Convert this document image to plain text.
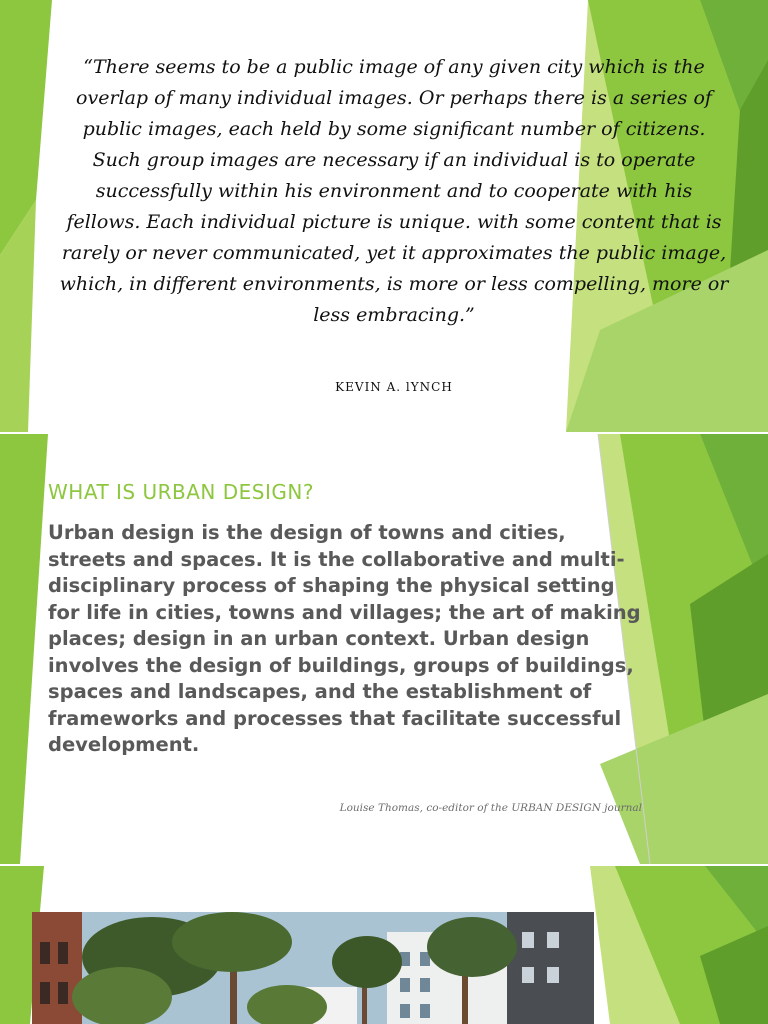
“There seems to be a public image of any given city which is the overlap of many individual images. Or perhaps there is a series of public images, each held by some significant number of citizens. Such group images are necessary if an individual is to operate successfully within his environment and to cooperate with his fellows. Each individual picture is unique. with some content that is rarely or never communicated, yet it approximates the public image, which, in different environments, is more or less compelling, more or less embracing.”

KEVIN A. lYNCH
WHAT IS URBAN DESIGN?

Urban design is the design of towns and cities, streets and spaces. It is the collaborative and multi-disciplinary process of shaping the physical setting for life in cities, towns and villages; the art of making places; design in an urban context. Urban design involves the design of buildings, groups of buildings, spaces and landscapes, and the establishment of frameworks and processes that facilitate successful development.

Louise Thomas, co-editor of the URBAN DESIGN journal
